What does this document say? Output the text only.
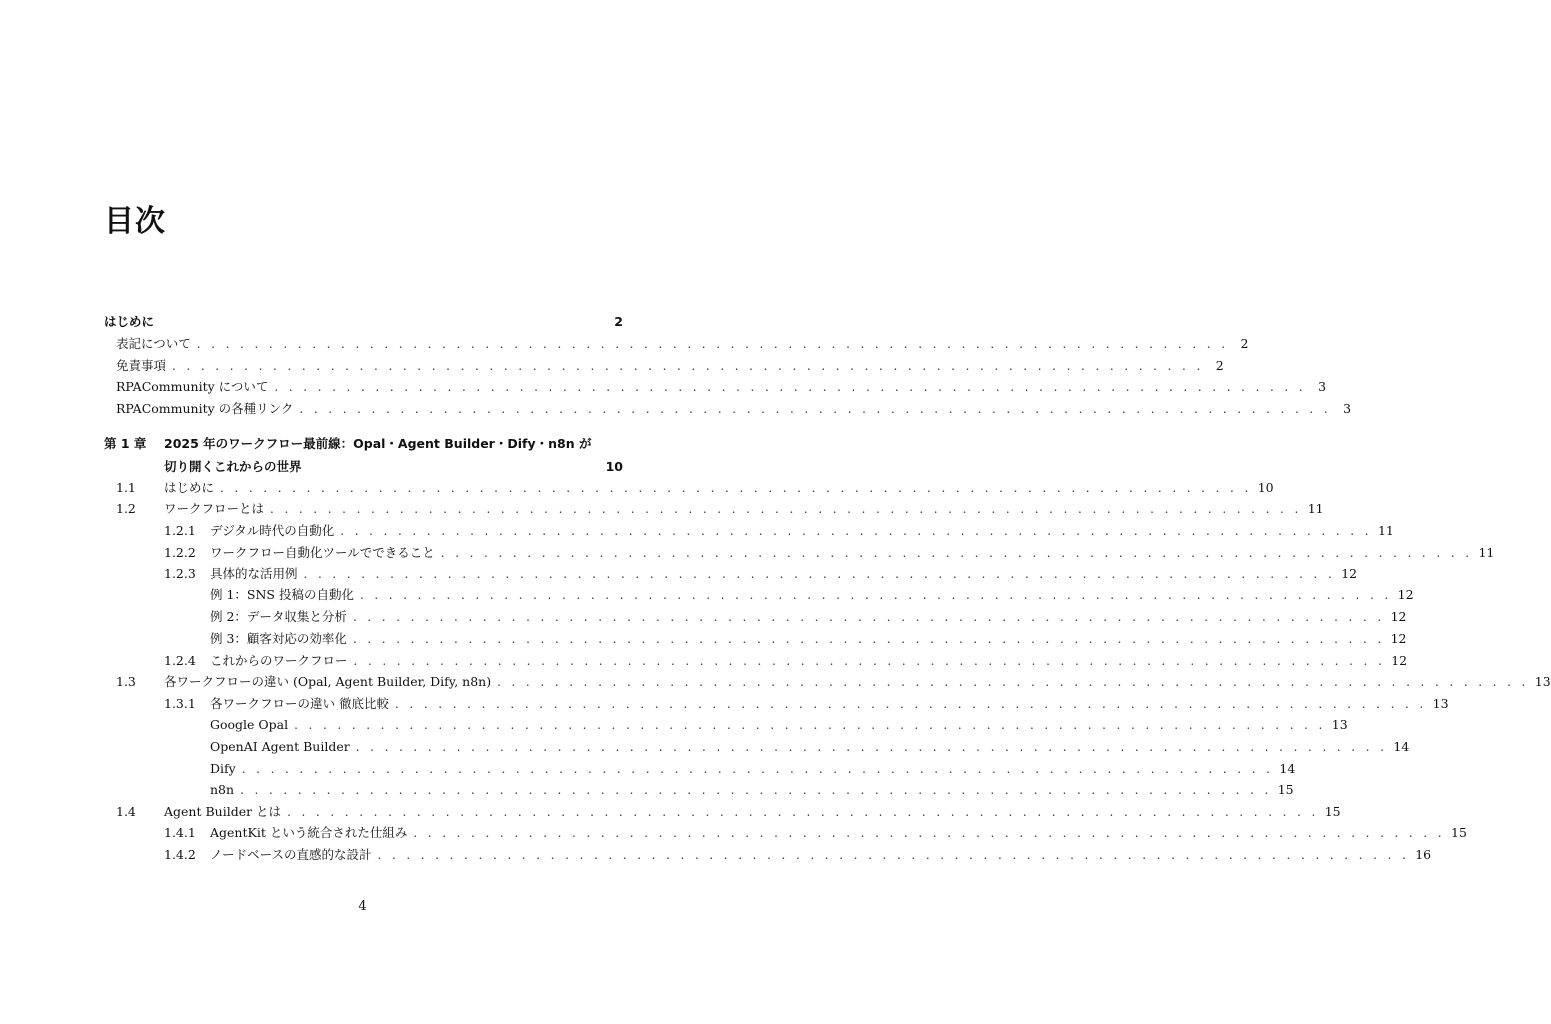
目次
はじめに	2
表記について . . . . . . . . . . . . . . . . . . . . . . . . . . . . . . . . . . . . . . . . . . . . . . . . . . . . . . . . . . . . . . . . . . . . . . . . 2
免責事項 . . . . . . . . . . . . . . . . . . . . . . . . . . . . . . . . . . . . . . . . . . . . . . . . . . . . . . . . . . . . . . . . . . . . . . . . 2
RPACommunity について . . . . . . . . . . . . . . . . . . . . . . . . . . . . . . . . . . . . . . . . . . . . . . . . . . . . . . . . . . . . . . . . . . . . . . . . 3
RPACommunity の各種リンク . . . . . . . . . . . . . . . . . . . . . . . . . . . . . . . . . . . . . . . . . . . . . . . . . . . . . . . . . . . . . . . . . . . . . . . . 3
第 1 章	2025 年のワークフロー最前線：Opal・Agent Builder・Dify・n8n が
切り開くこれからの世界	10
1.1	はじめに . . . . . . . . . . . . . . . . . . . . . . . . . . . . . . . . . . . . . . . . . . . . . . . . . . . . . . . . . . . . . . . . . . . . . . . . 10
1.2	ワークフローとは . . . . . . . . . . . . . . . . . . . . . . . . . . . . . . . . . . . . . . . . . . . . . . . . . . . . . . . . . . . . . . . . . . . . . . . . 11
1.2.1	デジタル時代の自動化 . . . . . . . . . . . . . . . . . . . . . . . . . . . . . . . . . . . . . . . . . . . . . . . . . . . . . . . . . . . . . . . . . . . . . . . . 11
1.2.2	ワークフロー自動化ツールでできること . . . . . . . . . . . . . . . . . . . . . . . . . . . . . . . . . . . . . . . . . . . . . . . . . . . . . . . . . . . . . . . . . . . . . . . . 11
1.2.3	具体的な活用例 . . . . . . . . . . . . . . . . . . . . . . . . . . . . . . . . . . . . . . . . . . . . . . . . . . . . . . . . . . . . . . . . . . . . . . . . 12
例 1：SNS 投稿の自動化 . . . . . . . . . . . . . . . . . . . . . . . . . . . . . . . . . . . . . . . . . . . . . . . . . . . . . . . . . . . . . . . . . . . . . . . . 12
例 2：データ収集と分析 . . . . . . . . . . . . . . . . . . . . . . . . . . . . . . . . . . . . . . . . . . . . . . . . . . . . . . . . . . . . . . . . . . . . . . . . 12
例 3：顧客対応の効率化 . . . . . . . . . . . . . . . . . . . . . . . . . . . . . . . . . . . . . . . . . . . . . . . . . . . . . . . . . . . . . . . . . . . . . . . . 12
1.2.4	これからのワークフロー . . . . . . . . . . . . . . . . . . . . . . . . . . . . . . . . . . . . . . . . . . . . . . . . . . . . . . . . . . . . . . . . . . . . . . . . 12
1.3	各ワークフローの違い (Opal, Agent Builder, Dify, n8n) . . . . . . . . . . . . . . . . . . . . . . . . . . . . . . . . . . . . . . . . . . . . . . . . . . . . . . . . . . . . . . . . . . . . . . . . 13
1.3.1	各ワークフローの違い 徹底比較 . . . . . . . . . . . . . . . . . . . . . . . . . . . . . . . . . . . . . . . . . . . . . . . . . . . . . . . . . . . . . . . . . . . . . . . . 13
Google Opal . . . . . . . . . . . . . . . . . . . . . . . . . . . . . . . . . . . . . . . . . . . . . . . . . . . . . . . . . . . . . . . . . . . . . . . . 13
OpenAI Agent Builder . . . . . . . . . . . . . . . . . . . . . . . . . . . . . . . . . . . . . . . . . . . . . . . . . . . . . . . . . . . . . . . . . . . . . . . . 14
Dify . . . . . . . . . . . . . . . . . . . . . . . . . . . . . . . . . . . . . . . . . . . . . . . . . . . . . . . . . . . . . . . . . . . . . . . . 14
n8n . . . . . . . . . . . . . . . . . . . . . . . . . . . . . . . . . . . . . . . . . . . . . . . . . . . . . . . . . . . . . . . . . . . . . . . . 15
1.4	Agent Builder とは . . . . . . . . . . . . . . . . . . . . . . . . . . . . . . . . . . . . . . . . . . . . . . . . . . . . . . . . . . . . . . . . . . . . . . . . 15
1.4.1	AgentKit という統合された仕組み . . . . . . . . . . . . . . . . . . . . . . . . . . . . . . . . . . . . . . . . . . . . . . . . . . . . . . . . . . . . . . . . . . . . . . . . 15
1.4.2	ノードベースの直感的な設計 . . . . . . . . . . . . . . . . . . . . . . . . . . . . . . . . . . . . . . . . . . . . . . . . . . . . . . . . . . . . . . . . . . . . . . . . 16
4
